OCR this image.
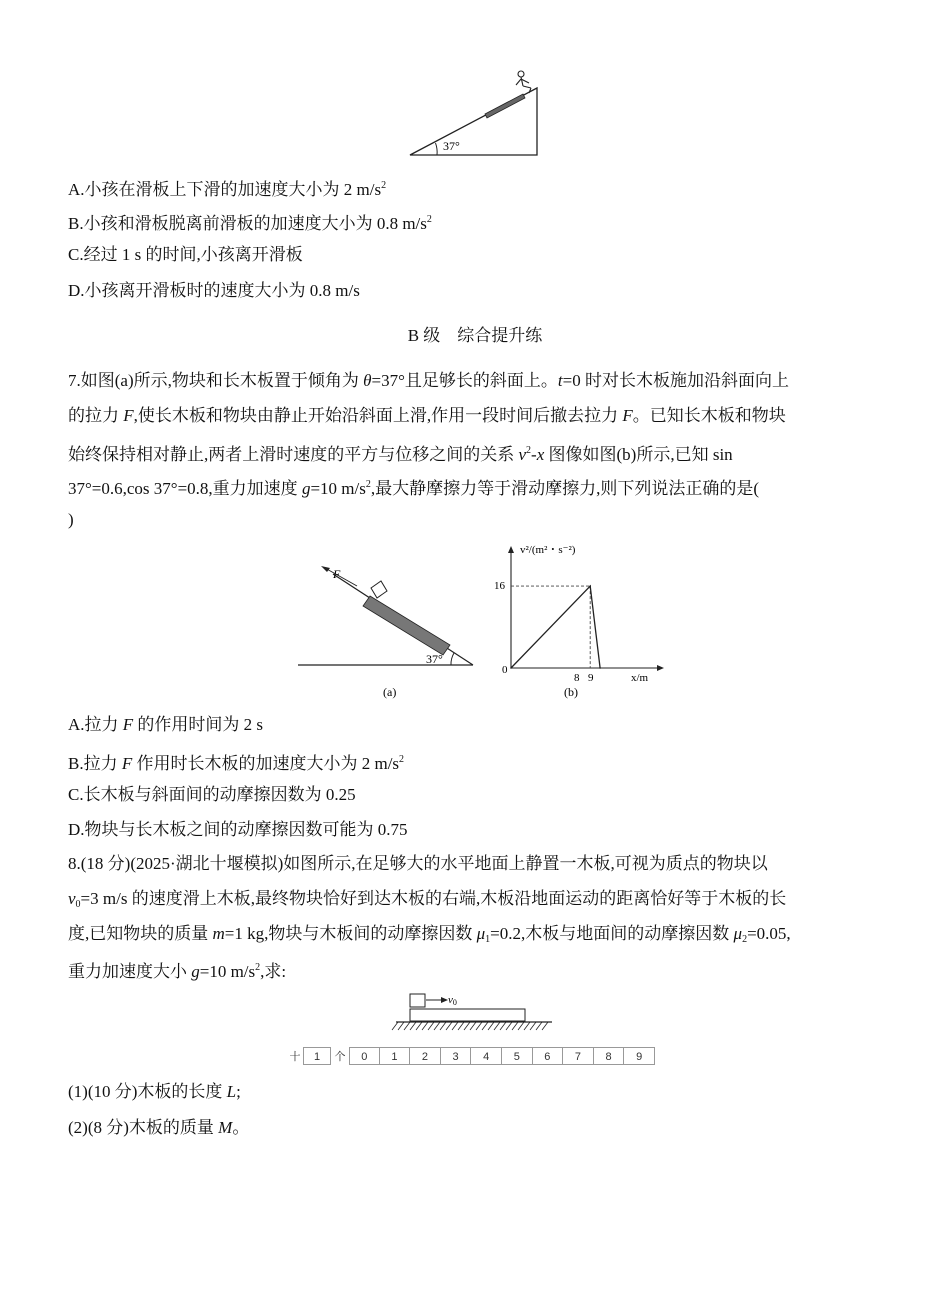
37°
A.小孩在滑板上下滑的加速度大小为 2 $m/s^2$
B.小孩和滑板脱离前滑板的加速度大小为 0.8 $m/s^2$
C.经过 1 s 的时间,小孩离开滑板
D.小孩离开滑板时的速度大小为 0.8 m/s
B 级　综合提升练
7.如图(a)所示,物块和长木板置于倾角为 θ=37°且足够长的斜面上。t=0 时对长木板施加沿斜面向上
的拉力 F,使长木板和物块由静止开始沿斜面上滑,作用一段时间后撤去拉力 F。已知长木板和物块
始终保持相对静止,两者上滑时速度的平方与位移之间的关系 $v^2-x$ 图像如图(b)所示,已知 sin
37°=0.6,cos 37°=0.8,重力加速度 g=10 $m/s^2$,最大静摩擦力等于滑动摩擦力,则下列说法正确的是(
)
F
37°
(a)
v²/(m²・s⁻²)
x/m
0
16
8 9
(b)
A.拉力 F 的作用时间为 2 s
B.拉力 F 作用时长木板的加速度大小为 2 $m/s^2$
C.长木板与斜面间的动摩擦因数为 0.25
D.物块与长木板之间的动摩擦因数可能为 0.75
8.(18 分)(2025·湖北十堰模拟)如图所示,在足够大的水平地面上静置一木板,可视为质点的物块以
$v_0=3$ m/s 的速度滑上木板,最终物块恰好到达木板的右端,木板沿地面运动的距离恰好等于木板的长
度,已知物块的质量 m=1 kg,物块与木板间的动摩擦因数 $\mu_1=0.2$,木板与地面间的动摩擦因数 $\mu_2=0.05$,
重力加速度大小 g=10 $m/s^2$,求:
v0
十	1	个	0	1	2	3	4	5	6	7	8	9
(1)(10 分)木板的长度 L;
(2)(8 分)木板的质量 M。
